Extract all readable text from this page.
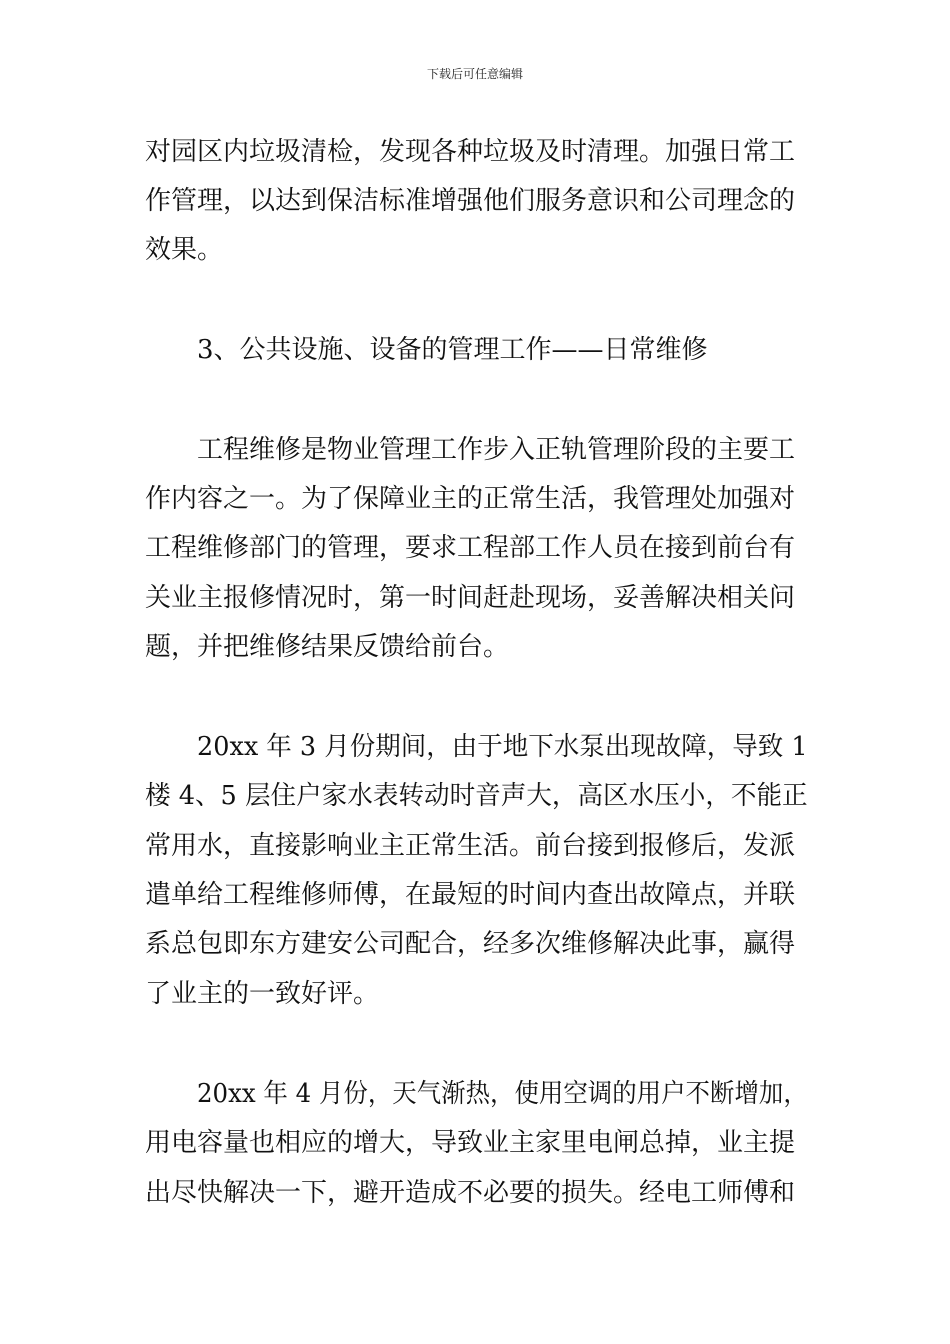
下载后可任意编辑
对园区内垃圾清检，发现各种垃圾及时清理。加强日常工
作管理，以达到保洁标准增强他们服务意识和公司理念的
效果。
3、公共设施、设备的管理工作——日常维修
工程维修是物业管理工作步入正轨管理阶段的主要工
作内容之一。为了保障业主的正常生活，我管理处加强对
工程维修部门的管理，要求工程部工作人员在接到前台有
关业主报修情况时，第一时间赶赴现场，妥善解决相关问
题，并把维修结果反馈给前台。
20xx 年 3 月份期间，由于地下水泵出现故障，导致 1
楼 4、5 层住户家水表转动时音声大，高区水压小，不能正
常用水，直接影响业主正常生活。前台接到报修后，发派
遣单给工程维修师傅，在最短的时间内查出故障点，并联
系总包即东方建安公司配合，经多次维修解决此事，赢得
了业主的一致好评。
20xx 年 4 月份，天气渐热，使用空调的用户不断增加，
用电容量也相应的增大，导致业主家里电闸总掉，业主提
出尽快解决一下，避开造成不必要的损失。经电工师傅和
